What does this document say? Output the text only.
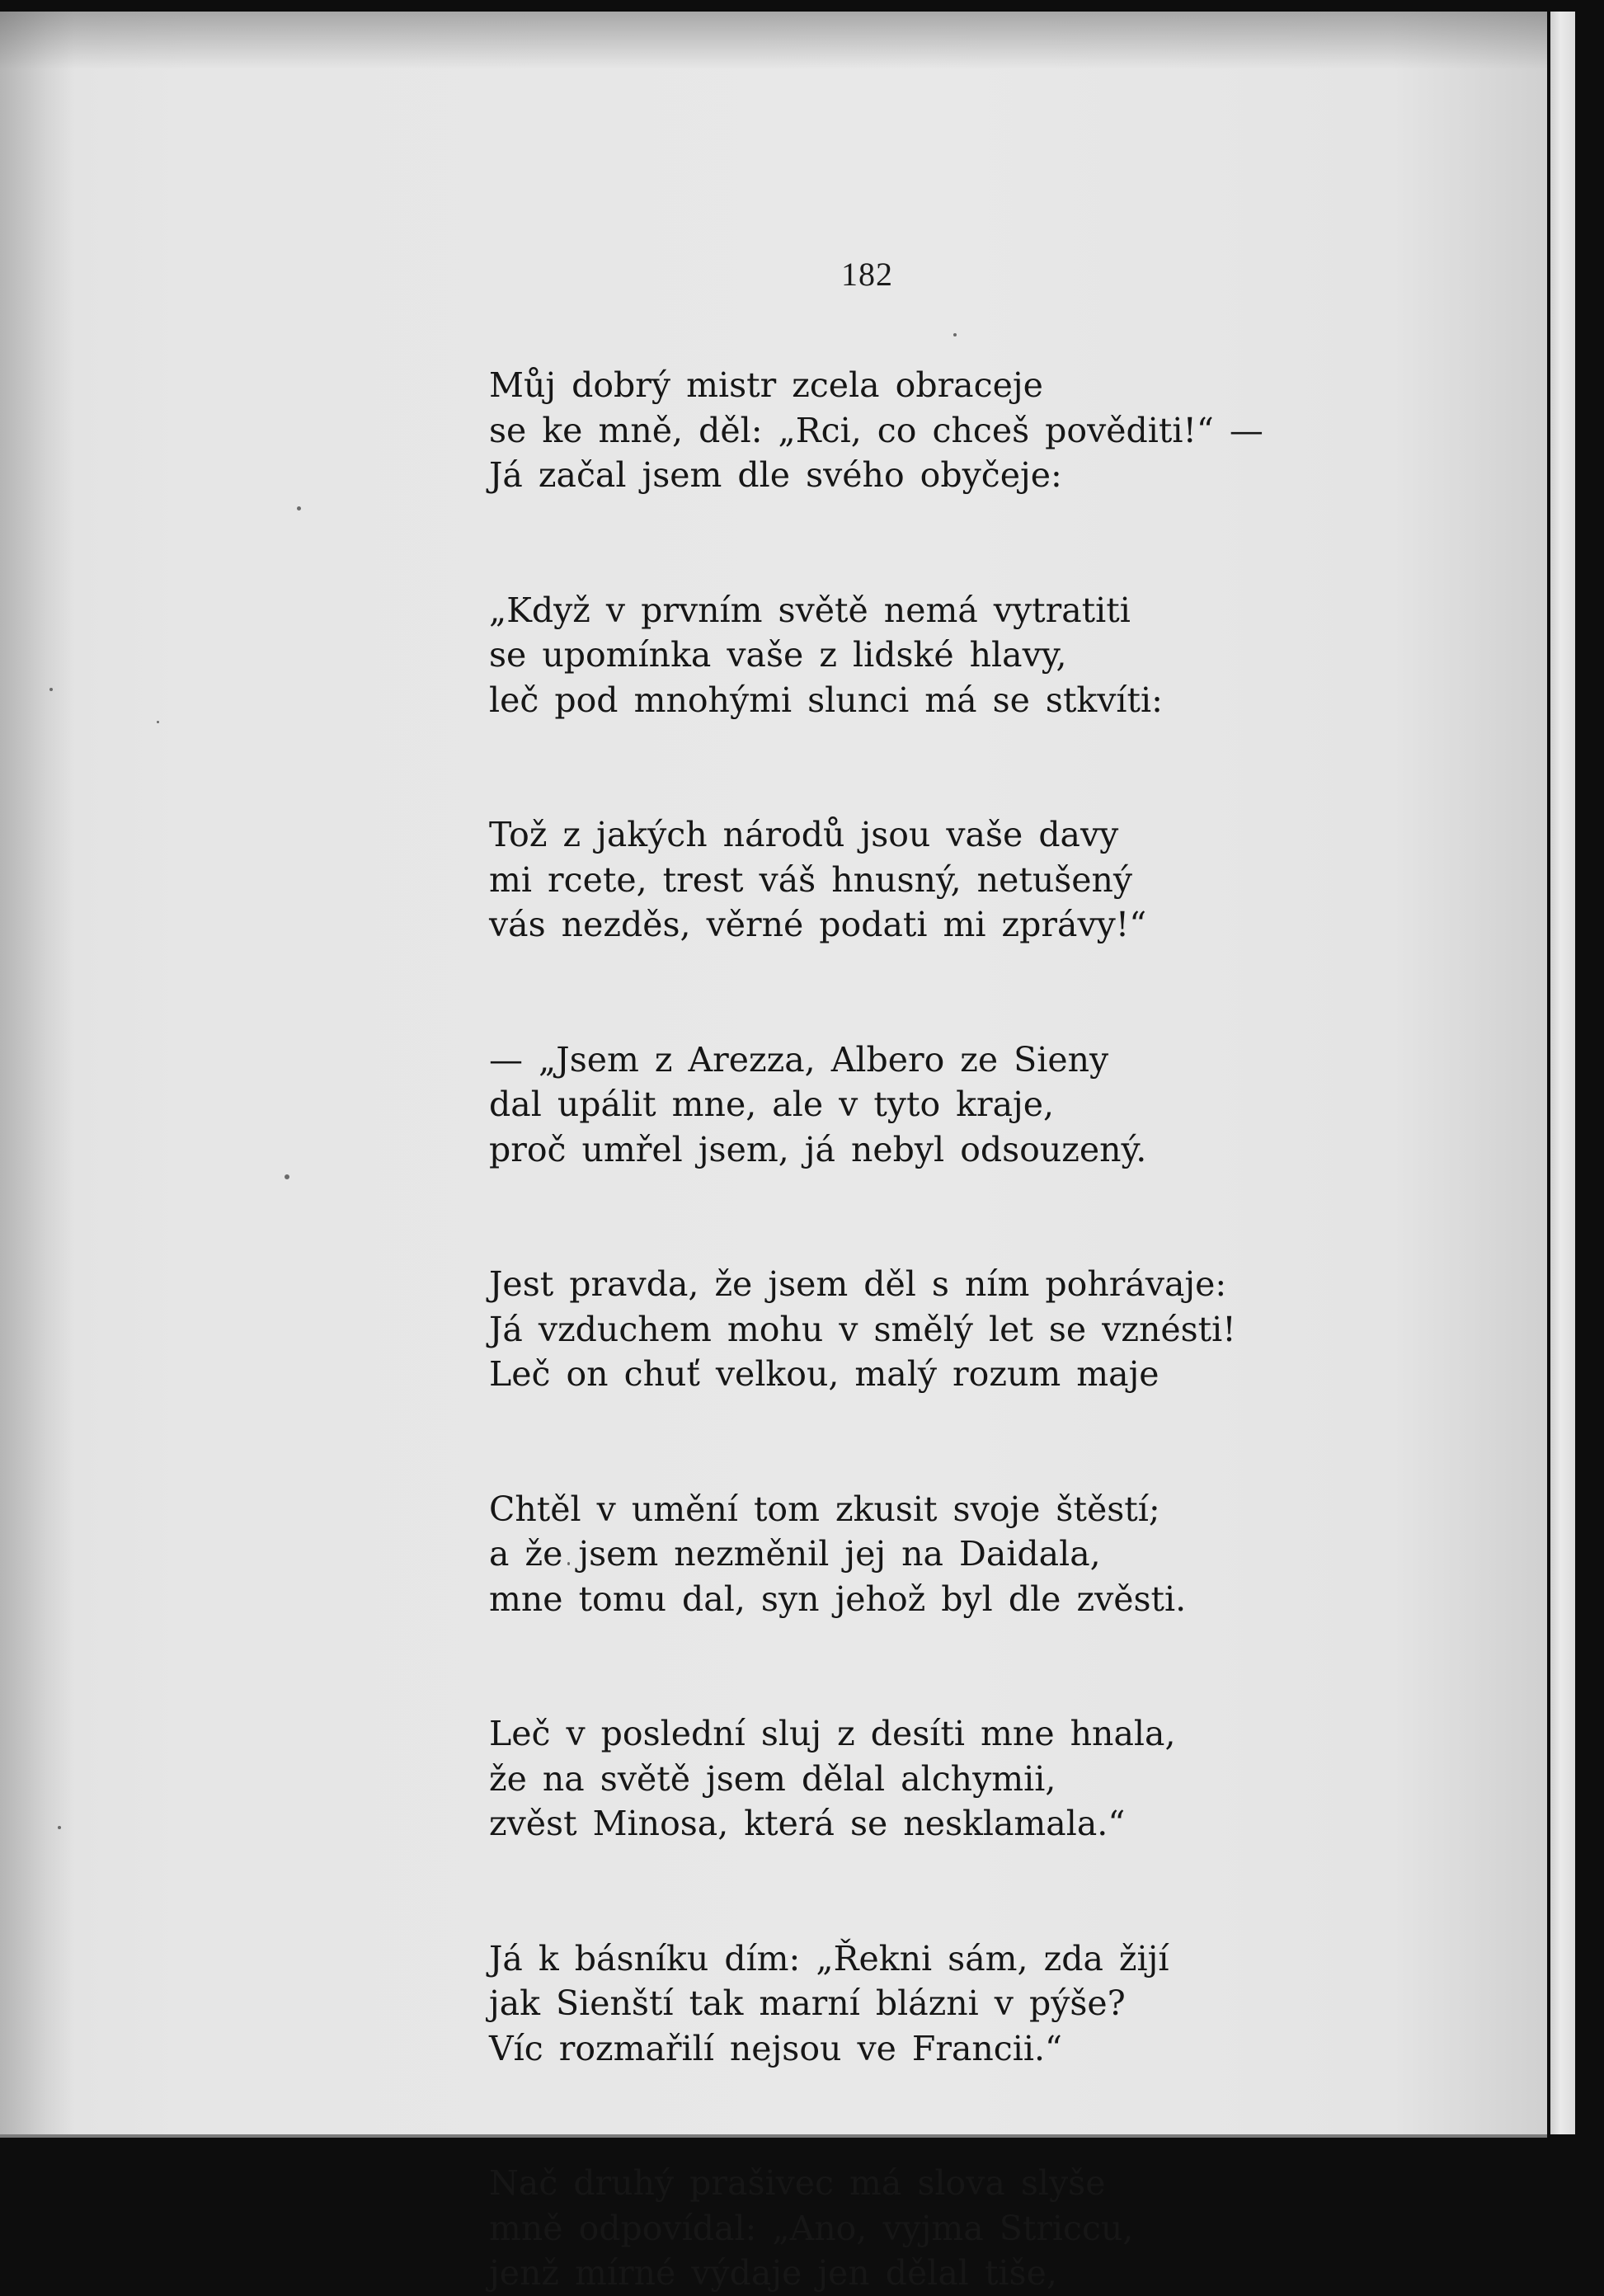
182
Můj dobrý mistr zcela obraceje
se ke mně, děl: „Rci, co chceš pověditi!“ —
Já začal jsem dle svého obyčeje:
„Když v prvním světě nemá vytratiti
se upomínka vaše z lidské hlavy,
leč pod mnohými slunci má se stkvíti:
Tož z jakých národů jsou vaše davy
mi rcete, trest váš hnusný, netušený
vás nezděs, věrné podati mi zprávy!“
— „Jsem z Arezza, Albero ze Sieny
dal upálit mne, ale v tyto kraje,
proč umřel jsem, já nebyl odsouzený.
Jest pravda, že jsem děl s ním pohrávaje:
Já vzduchem mohu v smělý let se vznésti!
Leč on chuť velkou, malý rozum maje
Chtěl v umění tom zkusit svoje štěstí;
a že jsem nezměnil jej na Daidala,
mne tomu dal, syn jehož byl dle zvěsti.
Leč v poslední sluj z desíti mne hnala,
že na světě jsem dělal alchymii,
zvěst Minosa, která se nesklamala.“
Já k básníku dím: „Řekni sám, zda žijí
jak Sienští tak marní blázni v pýše?
Víc rozmařilí nejsou ve Francii.“
Nač druhý prašivec má slova slyše
mně odpovídal: „Ano, vyjma Striccu,
jenž mírné výdaje jen dělal tiše,
